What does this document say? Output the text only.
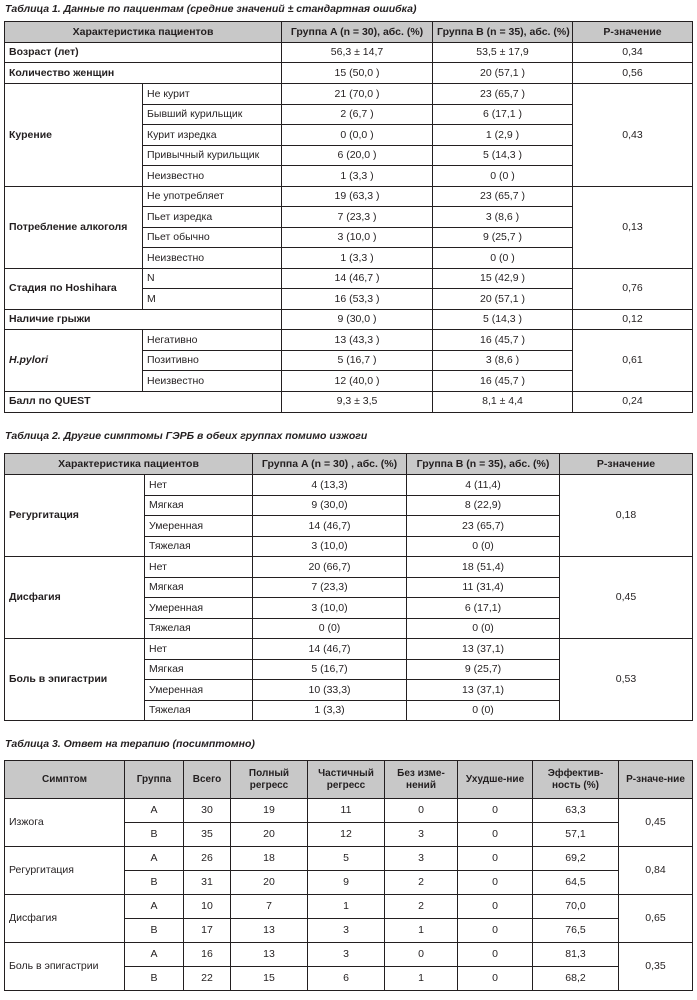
Таблица 1. Данные по пациентам (средние значений ± стандартная ошибка)
Характеристика пациентов		Группа A (n = 30), абс. (%)	Группа B (n = 35), абс. (%)	P-значение
Возраст (лет)		56,3 ± 14,7	53,5 ± 17,9	0,34
Количество женщин		15 (50,0 )	20 (57,1 )	0,56
Курение	Не курит	21 (70,0 )	23 (65,7 )	0,43
	Бывший курильщик	2 (6,7 )	6 (17,1 )	
	Курит изредка	0 (0,0 )	1 (2,9 )	
	Привычный курильщик	6 (20,0 )	5 (14,3 )	
	Неизвестно	1 (3,3 )	0 (0 )	
Потребление алкоголя	Не употребляет	19 (63,3 )	23 (65,7 )	0,13
	Пьет изредка	7 (23,3 )	3 (8,6 )	
	Пьет обычно	3 (10,0 )	9 (25,7 )	
	Неизвестно	1 (3,3 )	0 (0 )	
Стадия по Hoshihara	N	14 (46,7 )	15 (42,9 )	0,76
	M	16 (53,3 )	20 (57,1 )	
Наличие грыжи		9 (30,0 )	5 (14,3 )	0,12
H.pylori	Негативно	13 (43,3 )	16 (45,7 )	0,61
	Позитивно	5 (16,7 )	3 (8,6 )	
	Неизвестно	12 (40,0 )	16 (45,7 )	
Балл по QUEST		9,3 ± 3,5	8,1 ± 4,4	0,24
Таблица 2. Другие симптомы ГЭРБ в обеих группах помимо изжоги
Характеристика пациентов		Группа A (n = 30) , абс. (%)	Группа B (n = 35), абс. (%)	P-значение
Регургитация	Нет	4 (13,3)	4 (11,4)	0,18
	Мягкая	9 (30,0)	8 (22,9)	
	Умеренная	14 (46,7)	23 (65,7)	
	Тяжелая	3 (10,0)	0 (0)	
Дисфагия	Нет	20 (66,7)	18 (51,4)	0,45
	Мягкая	7 (23,3)	11 (31,4)	
	Умеренная	3 (10,0)	6 (17,1)	
	Тяжелая	0 (0)	0 (0)	
Боль в эпигастрии	Нет	14 (46,7)	13 (37,1)	0,53
	Мягкая	5 (16,7)	9 (25,7)	
	Умеренная	10 (33,3)	13 (37,1)	
	Тяжелая	1 (3,3)	0 (0)	
Таблица 3. Ответ на терапию (посимптомно)
Симптом	Группа	Всего	Полный регресс	Частичный регресс	Без изме-нений	Ухудше-ние	Эффектив-ность (%)	P-значе-ние
Изжога	A	30	19	11	0	0	63,3	0,45
	B	35	20	12	3	0	57,1	
Регургитация	A	26	18	5	3	0	69,2	0,84
	B	31	20	9	2	0	64,5	
Дисфагия	A	10	7	1	2	0	70,0	0,65
	B	17	13	3	1	0	76,5	
Боль в эпигастрии	A	16	13	3	0	0	81,3	0,35
	B	22	15	6	1	0	68,2	
